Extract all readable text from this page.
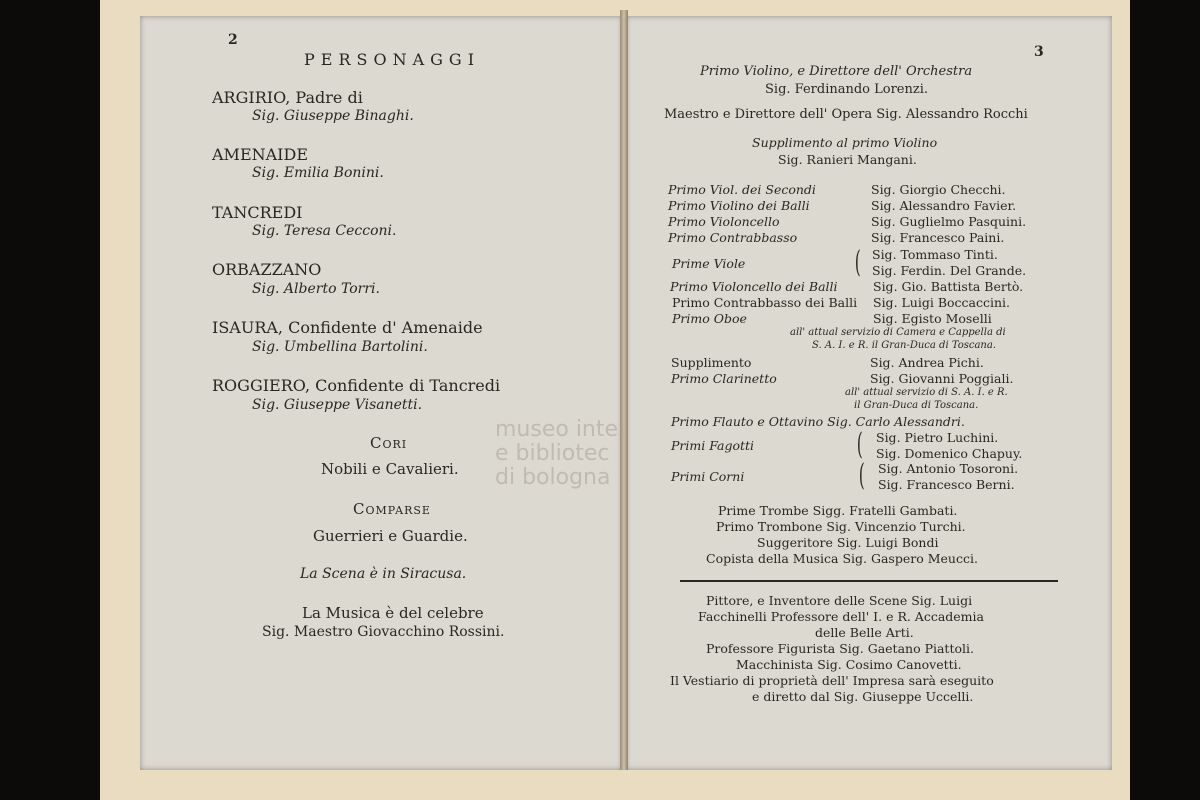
2
PERSONAGGI
ARGIRIO, Padre di
Sig. Giuseppe Binaghi.
AMENAIDE
Sig. Emilia Bonini.
TANCREDI
Sig. Teresa Cecconi.
ORBAZZANO
Sig. Alberto Torri.
ISAURA, Confidente d' Amenaide
Sig. Umbellina Bartolini.
ROGGIERO, Confidente di Tancredi
Sig. Giuseppe Visanetti.
Cori
Nobili e Cavalieri.
Comparse
Guerrieri e Guardie.
La Scena è in Siracusa.
La Musica è del celebre
Sig. Maestro Giovacchino Rossini.
3
Primo Violino, e Direttore dell' Orchestra
Sig. Ferdinando Lorenzi.
Maestro e Direttore dell' Opera Sig. Alessandro Rocchi
Supplimento al primo Violino
Sig. Ranieri Mangani.
Primo Viol. dei Secondi	Sig. Giorgio Checchi.
Primo Violino dei Balli	Sig. Alessandro Favier.
Primo Violoncello	Sig. Guglielmo Pasquini.
Primo Contrabbasso	Sig. Francesco Paini.
Prime Viole	( Sig. Tommaso Tinti.
Sig. Ferdin. Del Grande.
Primo Violoncello dei Balli	Sig. Gio. Battista Bertò.
Primo Contrabbasso dei Balli Sig. Luigi Boccaccini.
Primo Oboe	Sig. Egisto Moselli
all' attual servizio di Camera e Cappella di
S. A. I. e R. il Gran-Duca di Toscana.
Supplimento	Sig. Andrea Pichi.
Primo Clarinetto	Sig. Giovanni Poggiali.
all' attual servizio di S. A. I. e R.
il Gran-Duca di Toscana.
Primo Flauto e Ottavino Sig. Carlo Alessandri.
Primi Fagotti	( Sig. Pietro Luchini.
Sig. Domenico Chapuy.
Primi Corni	( Sig. Antonio Tosoroni.
Sig. Francesco Berni.
Prime Trombe Sigg. Fratelli Gambati.
Primo Trombone Sig. Vincenzio Turchi.
Suggeritore Sig. Luigi Bondi
Copista della Musica Sig. Gaspero Meucci.
Pittore, e Inventore delle Scene Sig. Luigi
Facchinelli Professore dell' I. e R. Accademia
delle Belle Arti.
Professore Figurista Sig. Gaetano Piattoli.
Macchinista Sig. Cosimo Canovetti.
Il Vestiario di proprietà dell' Impresa sarà eseguito
e diretto dal Sig. Giuseppe Uccelli.
museo inte
e bibliotec
di bologna
